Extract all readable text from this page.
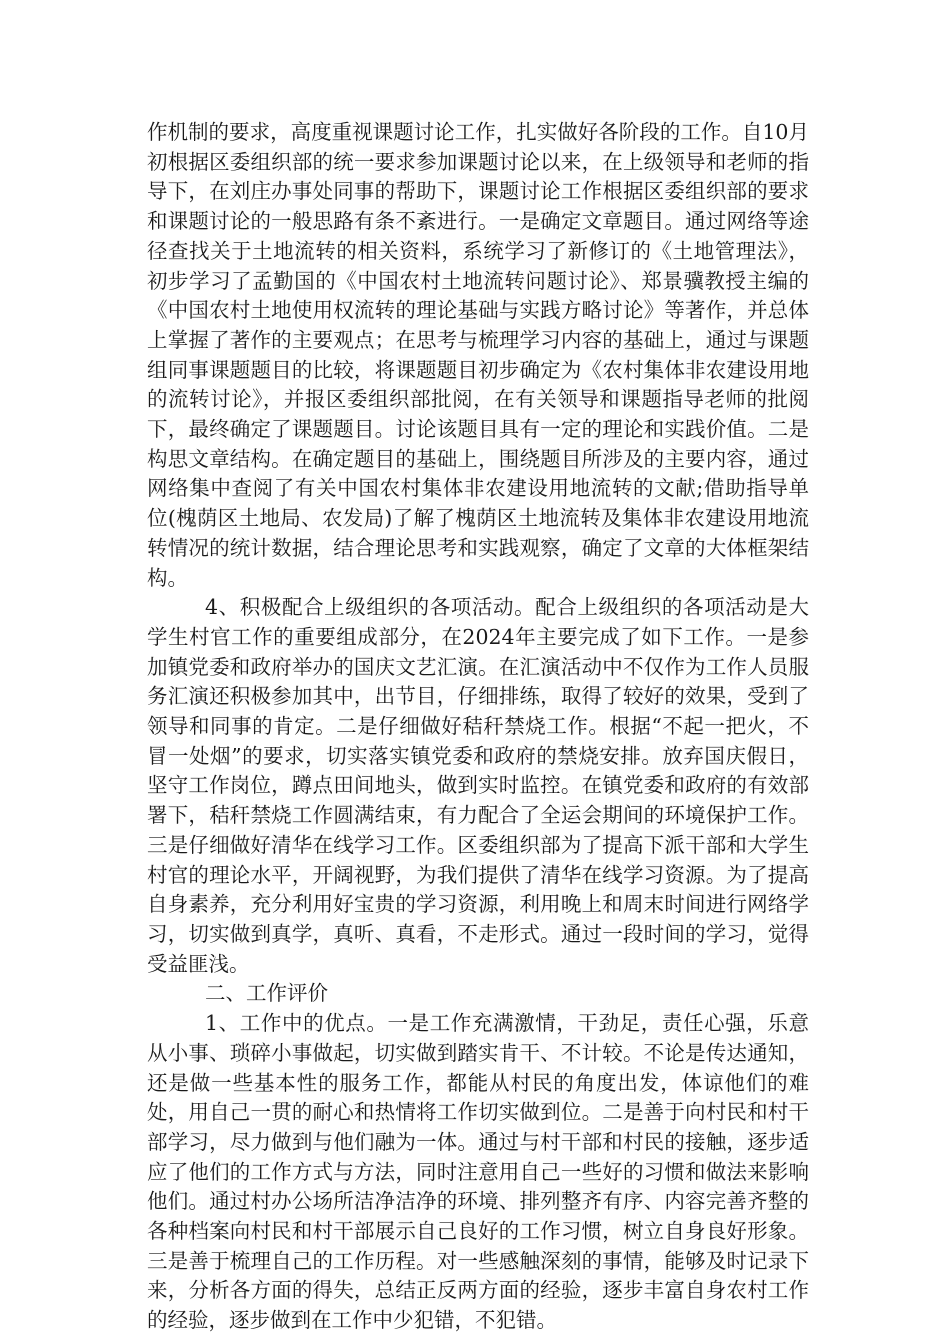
作机制的要求，高度重视课题讨论工作，扎实做好各阶段的工作。自10月初根据区委组织部的统一要求参加课题讨论以来，在上级领导和老师的指导下，在刘庄办事处同事的帮助下，课题讨论工作根据区委组织部的要求和课题讨论的一般思路有条不紊进行。一是确定文章题目。通过网络等途径查找关于土地流转的相关资料，系统学习了新修订的《土地管理法》，初步学习了孟勤国的《中国农村土地流转问题讨论》、郑景骥教授主编的《中国农村土地使用权流转的理论基础与实践方略讨论》等著作，并总体上掌握了著作的主要观点；在思考与梳理学习内容的基础上，通过与课题组同事课题题目的比较，将课题题目初步确定为《农村集体非农建设用地的流转讨论》，并报区委组织部批阅，在有关领导和课题指导老师的批阅下，最终确定了课题题目。讨论该题目具有一定的理论和实践价值。二是构思文章结构。在确定题目的基础上，围绕题目所涉及的主要内容，通过网络集中查阅了有关中国农村集体非农建设用地流转的文献;借助指导单位(槐荫区土地局、农发局)了解了槐荫区土地流转及集体非农建设用地流转情况的统计数据，结合理论思考和实践观察，确定了文章的大体框架结构。

4、积极配合上级组织的各项活动。配合上级组织的各项活动是大学生村官工作的重要组成部分，在2024年主要完成了如下工作。一是参加镇党委和政府举办的国庆文艺汇演。在汇演活动中不仅作为工作人员服务汇演还积极参加其中，出节目，仔细排练，取得了较好的效果，受到了领导和同事的肯定。二是仔细做好秸秆禁烧工作。根据“不起一把火，不冒一处烟”的要求，切实落实镇党委和政府的禁烧安排。放弃国庆假日，坚守工作岗位，蹲点田间地头，做到实时监控。在镇党委和政府的有效部署下，秸秆禁烧工作圆满结束，有力配合了全运会期间的环境保护工作。三是仔细做好清华在线学习工作。区委组织部为了提高下派干部和大学生村官的理论水平，开阔视野，为我们提供了清华在线学习资源。为了提高自身素养，充分利用好宝贵的学习资源，利用晚上和周末时间进行网络学习，切实做到真学，真听、真看，不走形式。通过一段时间的学习，觉得受益匪浅。

二、工作评价

1、工作中的优点。一是工作充满激情，干劲足，责任心强，乐意从小事、琐碎小事做起，切实做到踏实肯干、不计较。不论是传达通知，还是做一些基本性的服务工作，都能从村民的角度出发，体谅他们的难处，用自己一贯的耐心和热情将工作切实做到位。二是善于向村民和村干部学习，尽力做到与他们融为一体。通过与村干部和村民的接触，逐步适应了他们的工作方式与方法，同时注意用自己一些好的习惯和做法来影响他们。通过村办公场所洁净洁净的环境、排列整齐有序、内容完善齐整的各种档案向村民和村干部展示自己良好的工作习惯，树立自身良好形象。三是善于梳理自己的工作历程。对一些感触深刻的事情，能够及时记录下来，分析各方面的得失，总结正反两方面的经验，逐步丰富自身农村工作的经验，逐步做到在工作中少犯错，不犯错。
